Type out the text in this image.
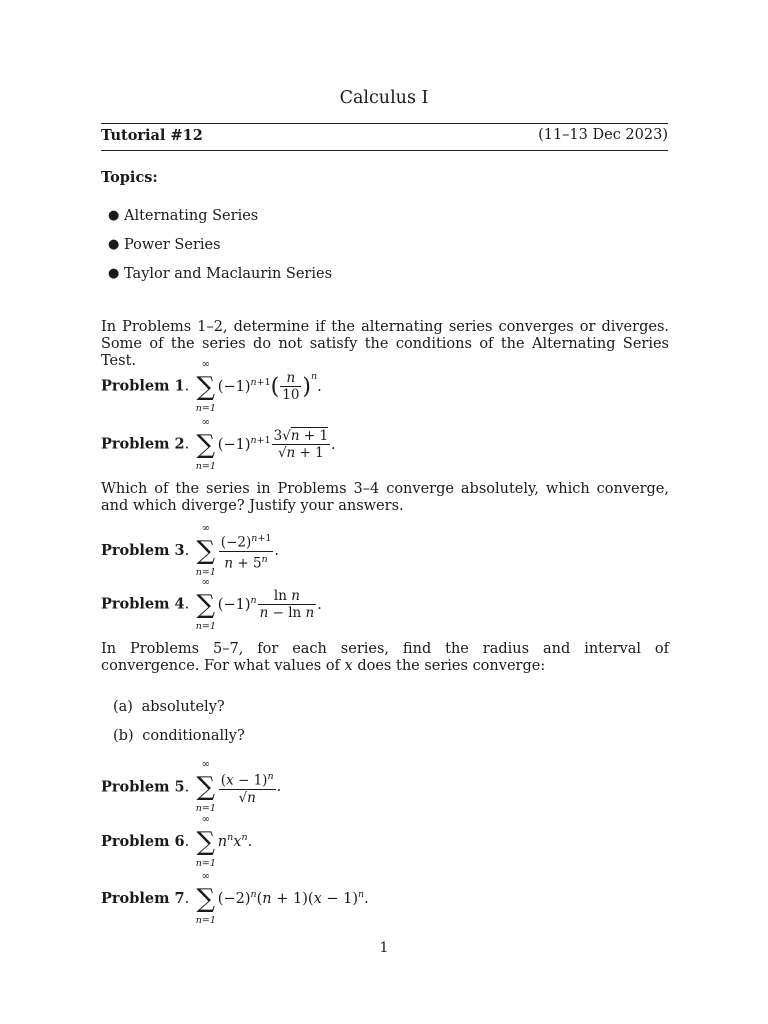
Calculus I
Tutorial #12	(11–13 Dec 2023)
Topics:
● Alternating Series
● Power Series
● Taylor and Maclaurin Series
In Problems 1–2, determine if the alternating series converges or diverges. Some of the series do not satisfy the conditions of the Alternating Series Test.
Problem 1.
∞
∑
n=1
$(-1)^{n+1}( \frac{n}{10} )^n$.
Problem 2.
∞
∑
n=1
$(-1)^{n+1} \frac{3√n + 1}{√n + 1}$ .
Which of the series in Problems 3–4 converge absolutely, which converge, and which diverge? Justify your answers.
Problem 3.
∞
∑
n=1
$\frac{(-2)^{n+1}}{n + 5^n}$ .
Problem 4.
∞
∑
n=1
$(-1)^n \frac{\text{ln n}}{\text{n − ln n}}$ .
In Problems 5–7, for each series, find the radius and interval of convergence. For what values of x does the series converge:
(a) absolutely?
(b) conditionally?
Problem 5.
∞
∑
n=1
$\frac{(x - 1)^n}{√n}$ .
Problem 6.
∞
∑
n=1
$n^nx^n$.
Problem 7.
∞
∑
n=1
$(-2)^n(n + 1)(x - 1)^n$.
1
